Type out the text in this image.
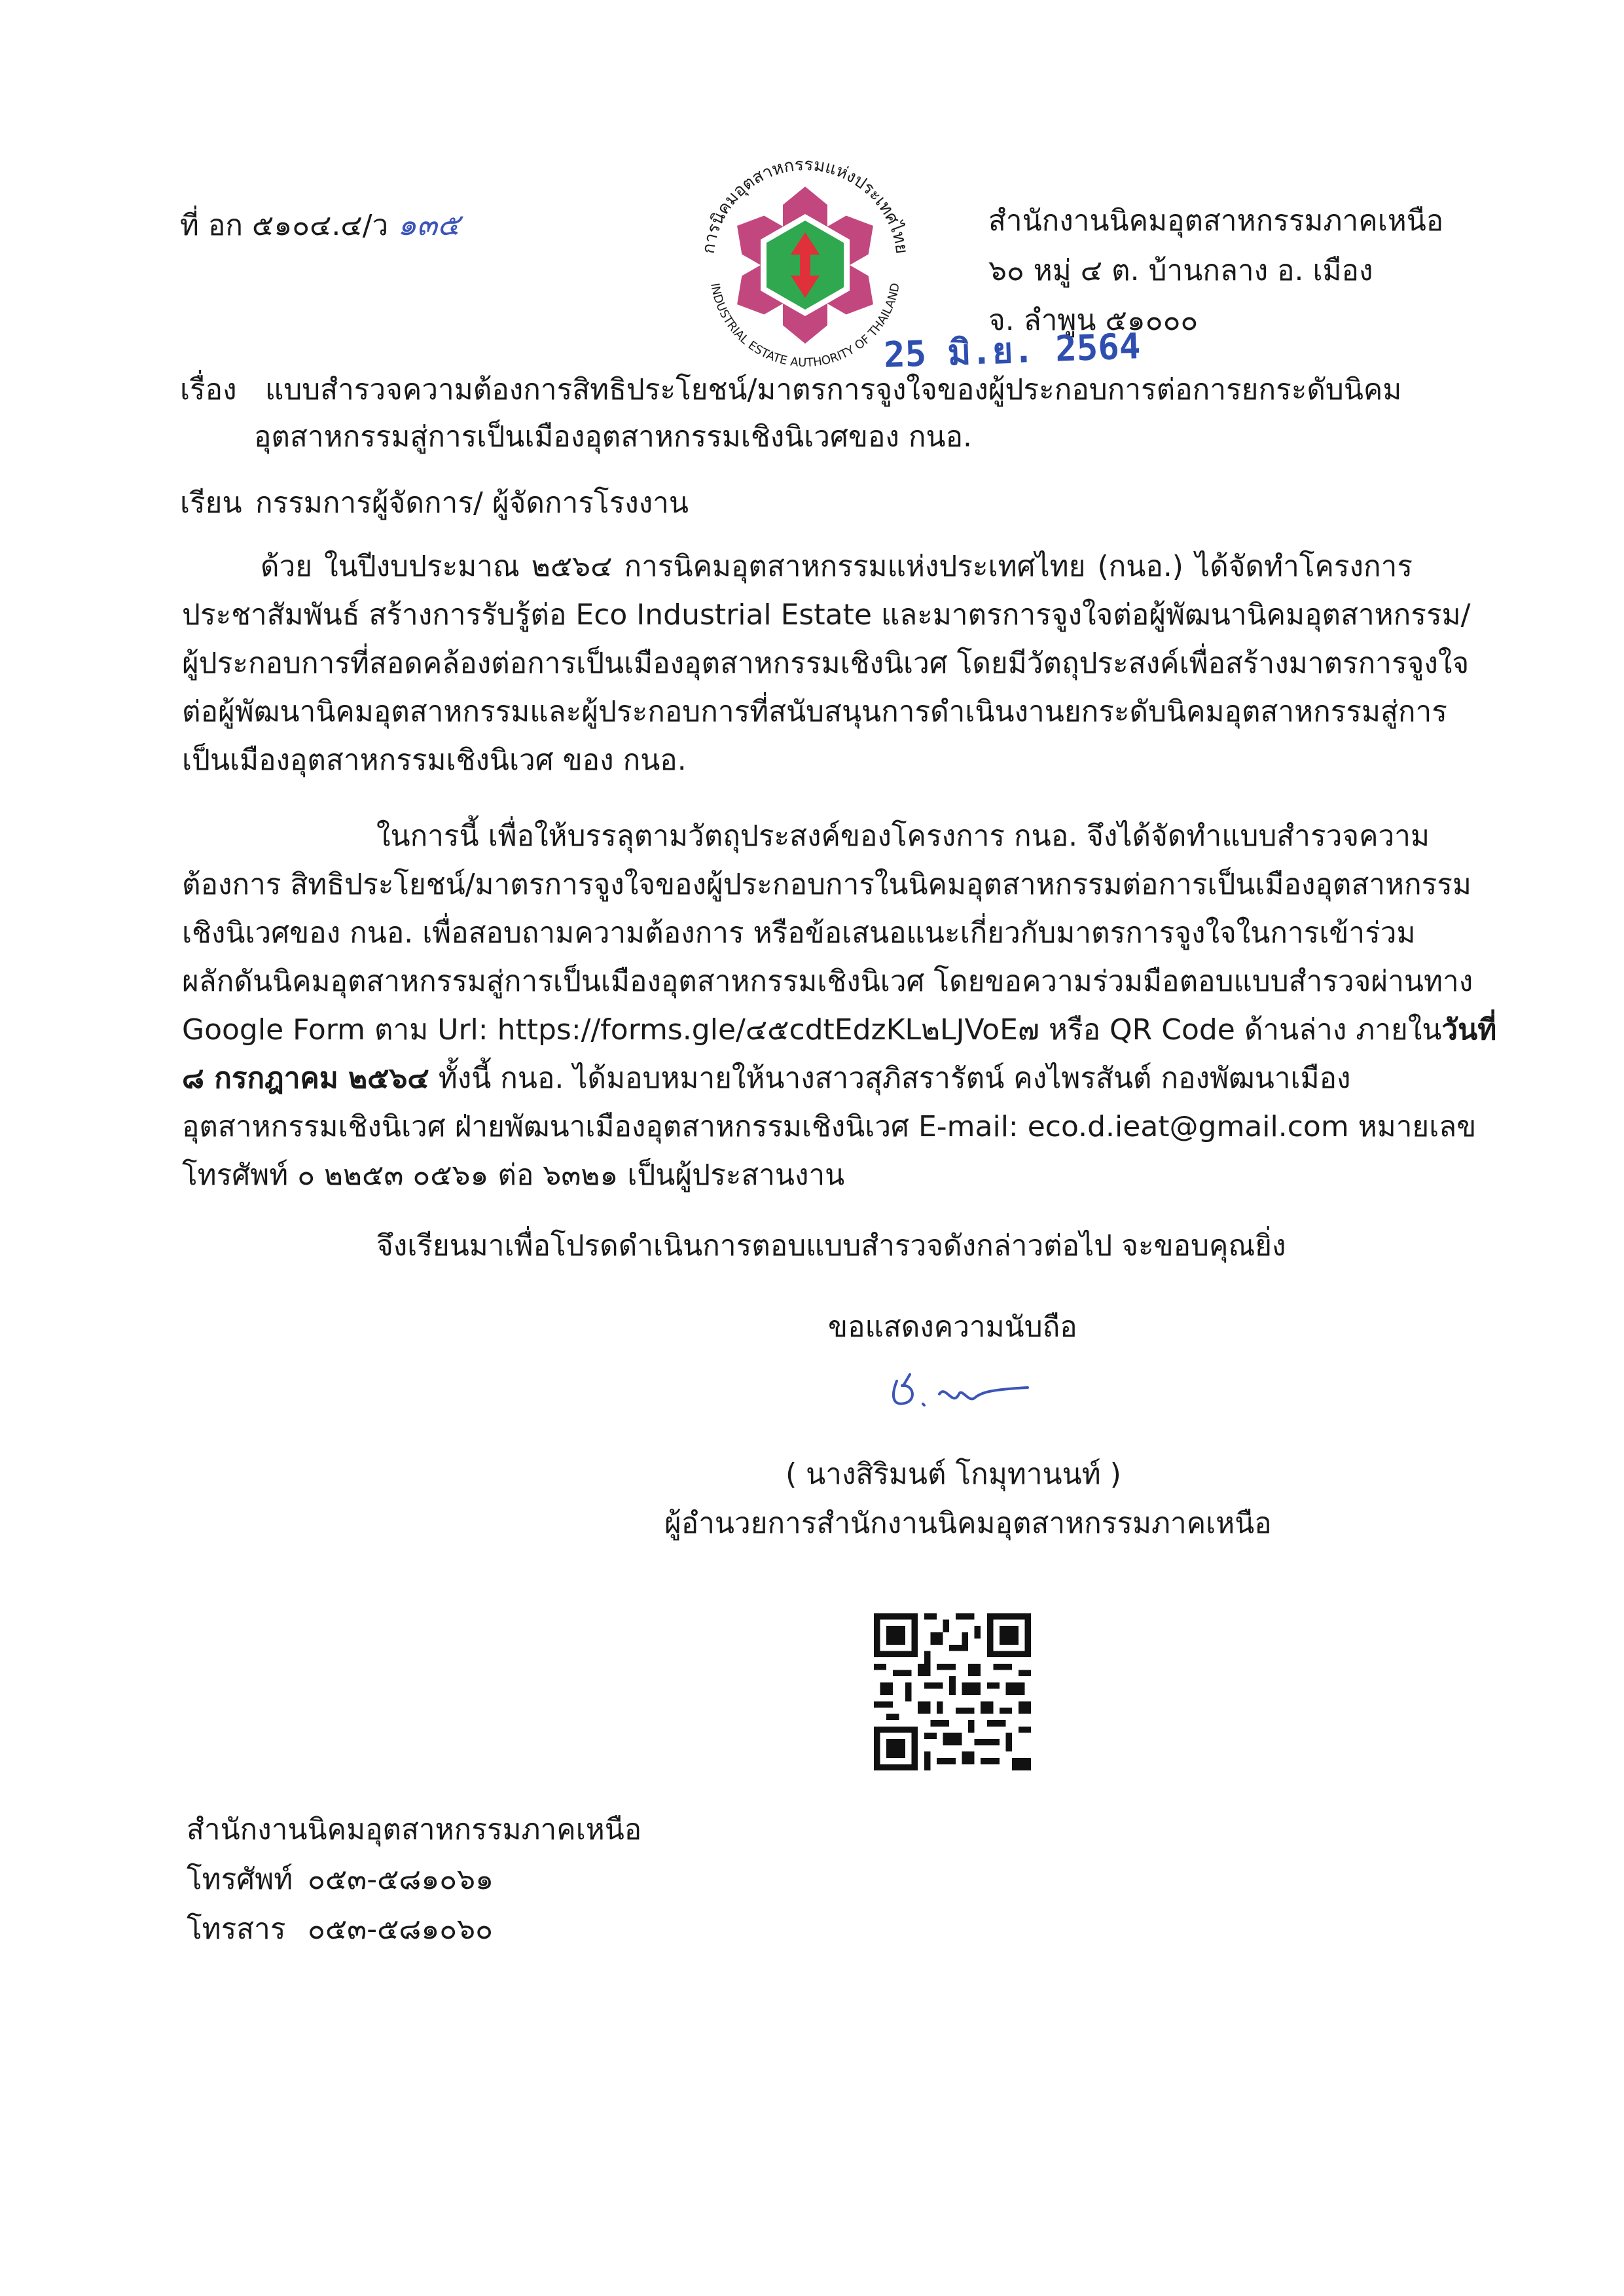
ที่ อก ๕๑๐๔.๔/ว ๑๓๕
การนิคมอุตสาหกรรมแห่งประเทศไทย
INDUSTRIAL ESTATE AUTHORITY OF THAILAND
สำนักงานนิคมอุตสาหกรรมภาคเหนือ
๖๐ หมู่ ๔ ต. บ้านกลาง อ. เมือง
จ. ลำพูน ๕๑๐๐๐
25 มิ.ย. 2564
เรื่อง แบบสำรวจความต้องการสิทธิประโยชน์/มาตรการจูงใจของผู้ประกอบการต่อการยกระดับนิคม
อุตสาหกรรมสู่การเป็นเมืองอุตสาหกรรมเชิงนิเวศของ กนอ.
เรียน กรรมการผู้จัดการ/ ผู้จัดการโรงงาน
ด้วย ในปีงบประมาณ ๒๕๖๔ การนิคมอุตสาหกรรมแห่งประเทศไทย (กนอ.) ได้จัดทำโครงการ
ประชาสัมพันธ์ สร้างการรับรู้ต่อ Eco Industrial Estate และมาตรการจูงใจต่อผู้พัฒนานิคมอุตสาหกรรม/
ผู้ประกอบการที่สอดคล้องต่อการเป็นเมืองอุตสาหกรรมเชิงนิเวศ โดยมีวัตถุประสงค์เพื่อสร้างมาตรการจูงใจ
ต่อผู้พัฒนานิคมอุตสาหกรรมและผู้ประกอบการที่สนับสนุนการดำเนินงานยกระดับนิคมอุตสาหกรรมสู่การ
เป็นเมืองอุตสาหกรรมเชิงนิเวศ ของ กนอ.
ในการนี้ เพื่อให้บรรลุตามวัตถุประสงค์ของโครงการ กนอ. จึงได้จัดทำแบบสำรวจความ
ต้องการ สิทธิประโยชน์/มาตรการจูงใจของผู้ประกอบการในนิคมอุตสาหกรรมต่อการเป็นเมืองอุตสาหกรรม
เชิงนิเวศของ กนอ. เพื่อสอบถามความต้องการ หรือข้อเสนอแนะเกี่ยวกับมาตรการจูงใจในการเข้าร่วม
ผลักดันนิคมอุตสาหกรรมสู่การเป็นเมืองอุตสาหกรรมเชิงนิเวศ โดยขอความร่วมมือตอบแบบสำรวจผ่านทาง
Google Form ตาม Url: https://forms.gle/๔๕cdtEdzKL๒LJVoE๗ หรือ QR Code ด้านล่าง ภายในวันที่
๘ กรกฎาคม ๒๕๖๔ ทั้งนี้ กนอ. ได้มอบหมายให้นางสาวสุภิสรารัตน์ คงไพรสันต์ กองพัฒนาเมือง
อุตสาหกรรมเชิงนิเวศ ฝ่ายพัฒนาเมืองอุตสาหกรรมเชิงนิเวศ E-mail: eco.d.ieat@gmail.com หมายเลข
โทรศัพท์ ๐ ๒๒๕๓ ๐๕๖๑ ต่อ ๖๓๒๑ เป็นผู้ประสานงาน
จึงเรียนมาเพื่อโปรดดำเนินการตอบแบบสำรวจดังกล่าวต่อไป จะขอบคุณยิ่ง
ขอแสดงความนับถือ
( นางสิริมนต์ โกมุทานนท์ )
ผู้อำนวยการสำนักงานนิคมอุตสาหกรรมภาคเหนือ
สำนักงานนิคมอุตสาหกรรมภาคเหนือ
โทรศัพท์ ๐๕๓-๕๘๑๐๖๑
โทรสาร ๐๕๓-๕๘๑๐๖๐
